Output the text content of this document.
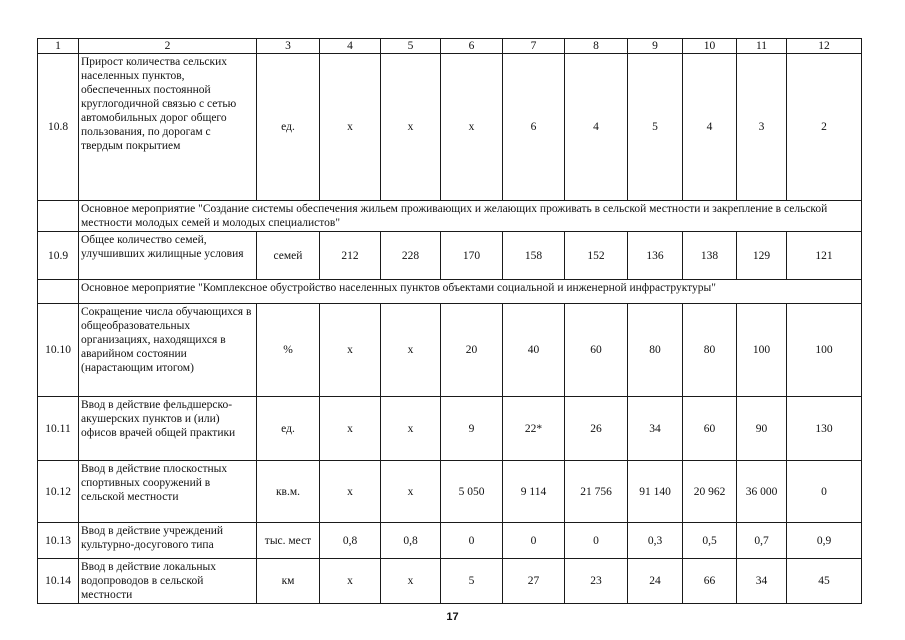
1	2	3	4	5	6	7	8	9	10	11	12
10.8	Прирост количества сельских населенных пунктов, обеспеченных постоянной круглогодичной связью с сетью автомобильных дорог общего пользования, по дорогам с твердым покрытием	ед.	x	x	x	6	4	5	4	3	2
	Основное мероприятие "Создание системы обеспечения жильем проживающих и желающих проживать в сельской местности и закрепление в сельской местности молодых семей и молодых специалистов"										
10.9	Общее количество семей, улучшивших жилищные условия	семей	212	228	170	158	152	136	138	129	121
	Основное мероприятие "Комплексное обустройство населенных пунктов объектами социальной и инженерной инфраструктуры"										
10.10	Сокращение числа обучающихся в общеобразовательных организациях, находящихся в аварийном состоянии (нарастающим итогом)	%	x	x	20	40	60	80	80	100	100
10.11	Ввод в действие фельдшерско-акушерских пунктов и (или) офисов врачей общей практики	ед.	x	x	9	22*	26	34	60	90	130
10.12	Ввод в действие плоскостных спортивных сооружений в сельской местности	кв.м.	x	x	5 050	9 114	21 756	91 140	20 962	36 000	0
10.13	Ввод в действие учреждений культурно-досугового типа	тыс. мест	0,8	0,8	0	0	0	0,3	0,5	0,7	0,9
10.14	Ввод в действие локальных водопроводов в сельской местности	км	x	x	5	27	23	24	66	34	45
17
